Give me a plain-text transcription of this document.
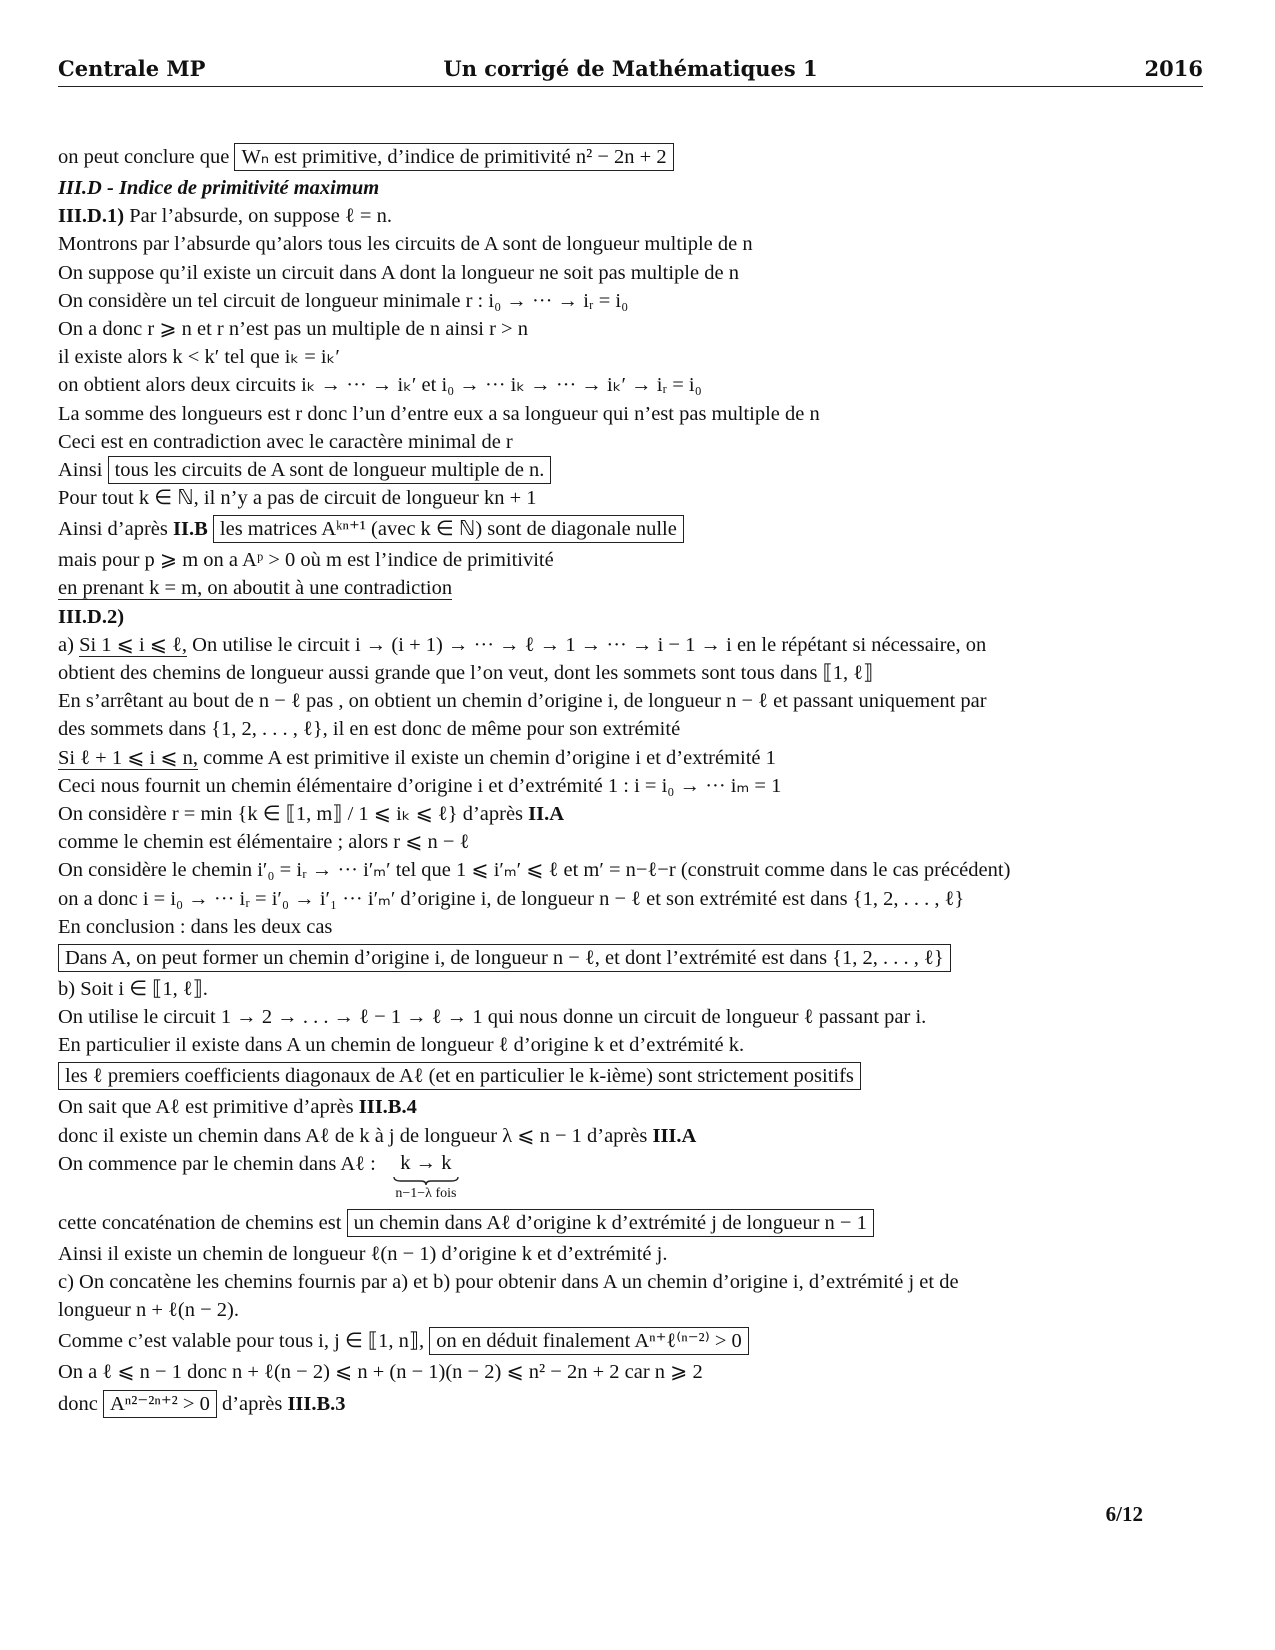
Centrale MP	Un corrigé de Mathématiques 1	2016
on peut conclure que Wₙ est primitive, d’indice de primitivité n² − 2n + 2
III.D - Indice de primitivité maximum
III.D.1) Par l’absurde, on suppose ℓ = n.
Montrons par l’absurde qu’alors tous les circuits de A sont de longueur multiple de n
On suppose qu’il existe un circuit dans A dont la longueur ne soit pas multiple de n
On considère un tel circuit de longueur minimale r : i₀ → ··· → iᵣ = i₀
On a donc r ⩾ n et r n’est pas un multiple de n ainsi r > n
il existe alors k < k′ tel que iₖ = iₖ′
on obtient alors deux circuits iₖ → ··· → iₖ′ et i₀ → ··· iₖ → ··· → iₖ′ → iᵣ = i₀
La somme des longueurs est r donc l’un d’entre eux a sa longueur qui n’est pas multiple de n
Ceci est en contradiction avec le caractère minimal de r
Ainsi tous les circuits de A sont de longueur multiple de n.
Pour tout k ∈ ℕ, il n’y a pas de circuit de longueur kn + 1
Ainsi d’après II.B les matrices Aᵏⁿ⁺¹ (avec k ∈ ℕ) sont de diagonale nulle
mais pour p ⩾ m on a Aᵖ > 0 où m est l’indice de primitivité
en prenant k = m, on aboutit à une contradiction
III.D.2)
a) Si 1 ⩽ i ⩽ ℓ, On utilise le circuit i → (i + 1) → ··· → ℓ → 1 → ··· → i − 1 → i en le répétant si nécessaire, on
obtient des chemins de longueur aussi grande que l’on veut, dont les sommets sont tous dans ⟦1, ℓ⟧
En s’arrêtant au bout de n − ℓ pas , on obtient un chemin d’origine i, de longueur n − ℓ et passant uniquement par
des sommets dans {1, 2, . . . , ℓ}, il en est donc de même pour son extrémité
Si ℓ + 1 ⩽ i ⩽ n, comme A est primitive il existe un chemin d’origine i et d’extrémité 1
Ceci nous fournit un chemin élémentaire d’origine i et d’extrémité 1 : i = i₀ → ··· iₘ = 1
On considère r = min {k ∈ ⟦1, m⟧ / 1 ⩽ iₖ ⩽ ℓ} d’après II.A
comme le chemin est élémentaire ; alors r ⩽ n − ℓ
On considère le chemin i′₀ = iᵣ → ··· i′ₘ′ tel que 1 ⩽ i′ₘ′ ⩽ ℓ et m′ = n−ℓ−r (construit comme dans le cas précédent)
on a donc i = i₀ → ··· iᵣ = i′₀ → i′₁ ··· i′ₘ′ d’origine i, de longueur n − ℓ et son extrémité est dans {1, 2, . . . , ℓ}
En conclusion : dans les deux cas
Dans A, on peut former un chemin d’origine i, de longueur n − ℓ, et dont l’extrémité est dans {1, 2, . . . , ℓ}
b) Soit i ∈ ⟦1, ℓ⟧.
On utilise le circuit 1 → 2 → . . . → ℓ − 1 → ℓ → 1 qui nous donne un circuit de longueur ℓ passant par i.
En particulier il existe dans A un chemin de longueur ℓ d’origine k et d’extrémité k.
les ℓ premiers coefficients diagonaux de Aℓ (et en particulier le k-ième) sont strictement positifs
On sait que Aℓ est primitive d’après III.B.4
donc il existe un chemin dans Aℓ de k à j de longueur λ ⩽ n − 1 d’après III.A
On commence par le chemin dans Aℓ :	k → k
n−1−λ fois
cette concaténation de chemins est un chemin dans Aℓ d’origine k d’extrémité j de longueur n − 1
Ainsi il existe un chemin de longueur ℓ(n − 1) d’origine k et d’extrémité j.
c) On concatène les chemins fournis par a) et b) pour obtenir dans A un chemin d’origine i, d’extrémité j et de
longueur n + ℓ(n − 2).
Comme c’est valable pour tous i, j ∈ ⟦1, n⟧, on en déduit finalement Aⁿ⁺ℓ⁽ⁿ⁻²⁾ > 0
On a ℓ ⩽ n − 1 donc n + ℓ(n − 2) ⩽ n + (n − 1)(n − 2) ⩽ n² − 2n + 2 car n ⩾ 2
donc Aⁿ²⁻²ⁿ⁺² > 0 d’après III.B.3
6/12
